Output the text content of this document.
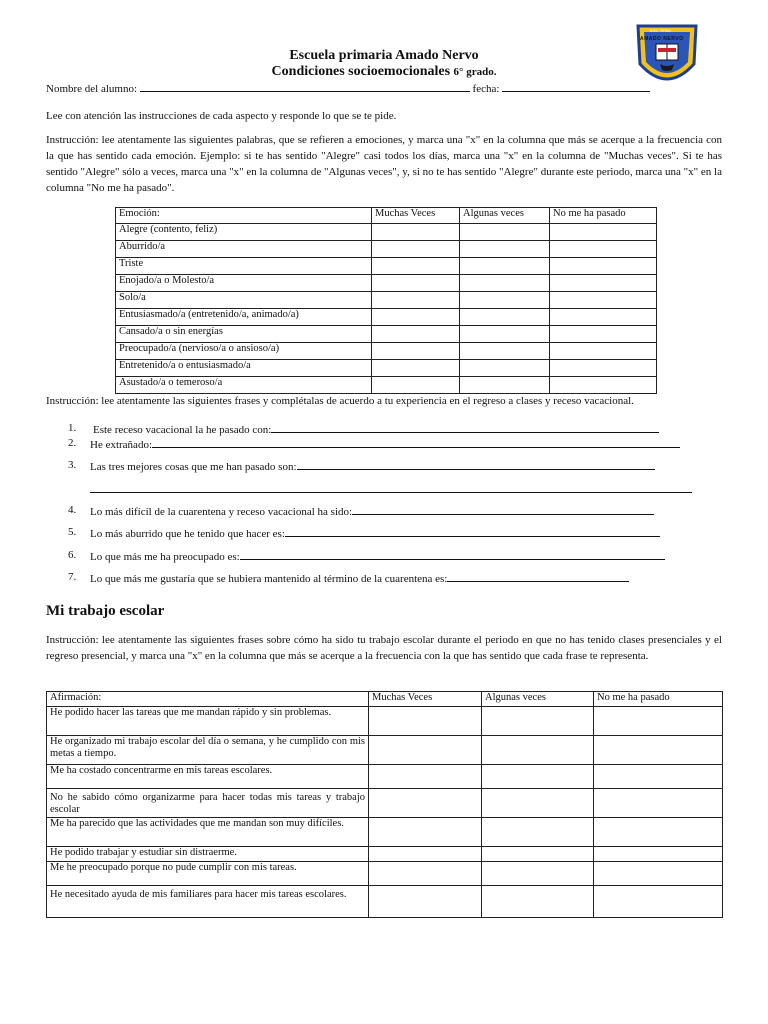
Escuela primaria Amado Nervo
Condiciones socioemocionales 6° grado.
ESC. PRIM.
AMADO NERVO
Nombre del alumno:	fecha:
Lee con atención las instrucciones de cada aspecto y responde lo que se te pide.
Instrucción: lee atentamente las siguientes palabras, que se refieren a emociones, y marca una "x" en la columna que más se acerque a la frecuencia con la que has sentido cada emoción. Ejemplo: si te has sentido "Alegre" casi todos los días, marca una "x" en la columna de "Muchas veces". Si te has sentido "Alegre" sólo a veces, marca una "x" en la columna de "Algunas veces", y, si no te has sentido "Alegre" durante este periodo, marca una "x" en la columna "No me ha pasado".
Emoción:	Muchas Veces	Algunas veces	No me ha pasado
Alegre (contento, feliz)			
Aburrido/a			
Triste			
Enojado/a o Molesto/a			
Solo/a			
Entusiasmado/a (entretenido/a, animado/a)			
Cansado/a o sin energías			
Preocupado/a (nervioso/a o ansioso/a)			
Entretenido/a o entusiasmado/a			
Asustado/a o temeroso/a			
Instrucción: lee atentamente las siguientes frases y complétalas de acuerdo a tu experiencia en el regreso a clases y receso vacacional.
1. Este receso vacacional la he pasado con:
2. He extrañado:
3. Las tres mejores cosas que me han pasado son:
4. Lo más difícil de la cuarentena y receso vacacional ha sido:
5. Lo más aburrido que he tenido que hacer es:
6. Lo que más me ha preocupado es:
7. Lo que más me gustaría que se hubiera mantenido al término de la cuarentena es:
Mi trabajo escolar
Instrucción: lee atentamente las siguientes frases sobre cómo ha sido tu trabajo escolar durante el periodo en que no has tenido clases presenciales y el regreso presencial, y marca una "x" en la columna que más se acerque a la frecuencia con la que has sentido que cada frase te representa.
Afirmación:	Muchas Veces	Algunas veces	No me ha pasado
He podido hacer las tareas que me mandan rápido y sin problemas.			
He organizado mi trabajo escolar del día o semana, y he cumplido con mis metas a tiempo.			
Me ha costado concentrarme en mis tareas escolares.			
No he sabido cómo organizarme para hacer todas mis tareas y trabajo escolar			
Me ha parecido que las actividades que me mandan son muy difíciles.			
He podido trabajar y estudiar sin distraerme.			
Me he preocupado porque no pude cumplir con mis tareas.			
He necesitado ayuda de mis familiares para hacer mis tareas escolares.			
